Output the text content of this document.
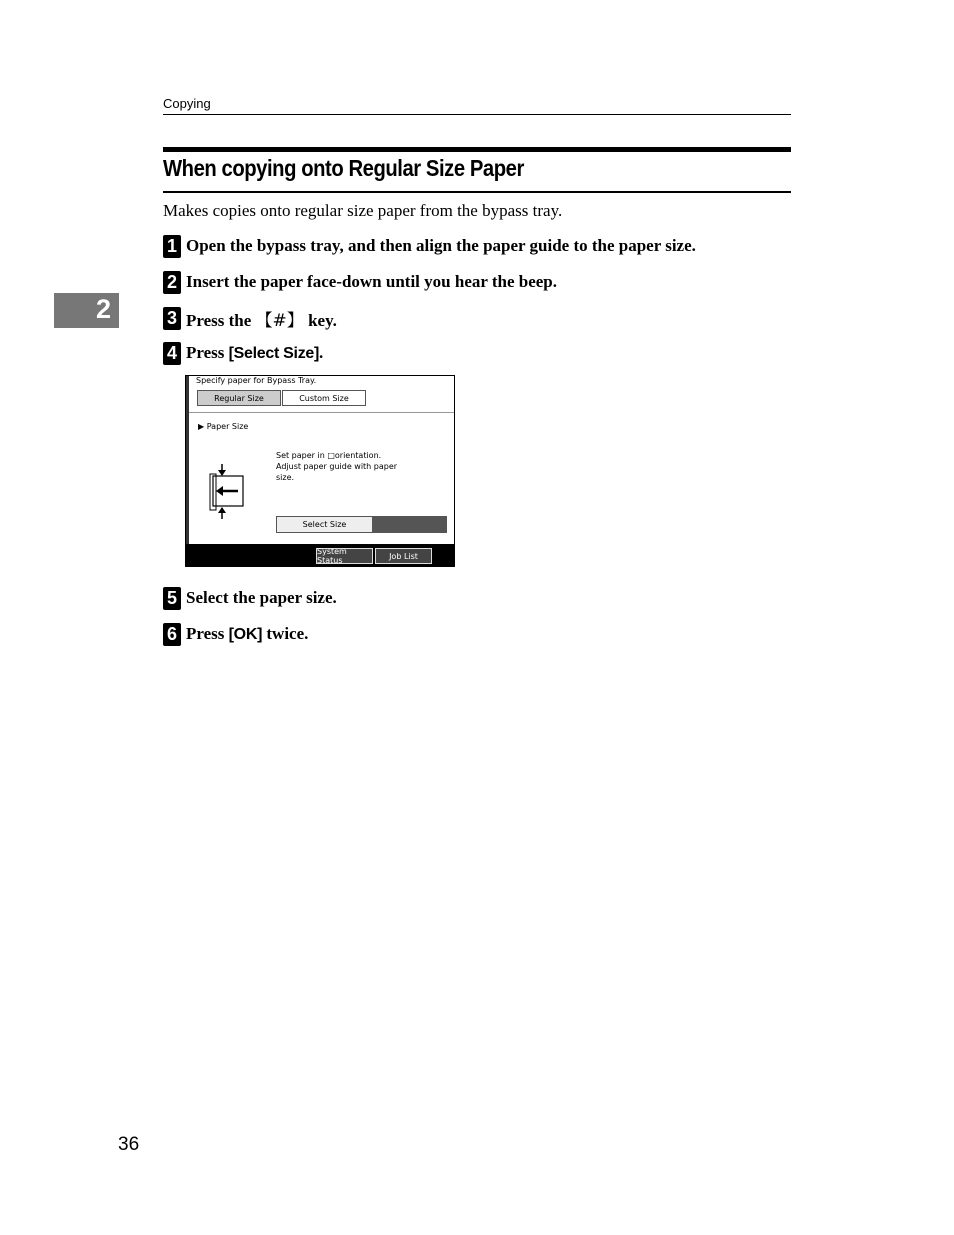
Copying
2
When copying onto Regular Size Paper
Makes copies onto regular size paper from the bypass tray.
1 Open the bypass tray, and then align the paper guide to the paper size.
2 Insert the paper face-down until you hear the beep.
3 Press the 【#】 key.
4 Press [Select Size].
Specify paper for Bypass Tray.
Regular Size	Custom Size
▶ Paper Size
Set paper in □orientation.
Adjust paper guide with paper
size.
Select Size
System Status	Job List
5 Select the paper size.
6 Press [OK] twice.
36
